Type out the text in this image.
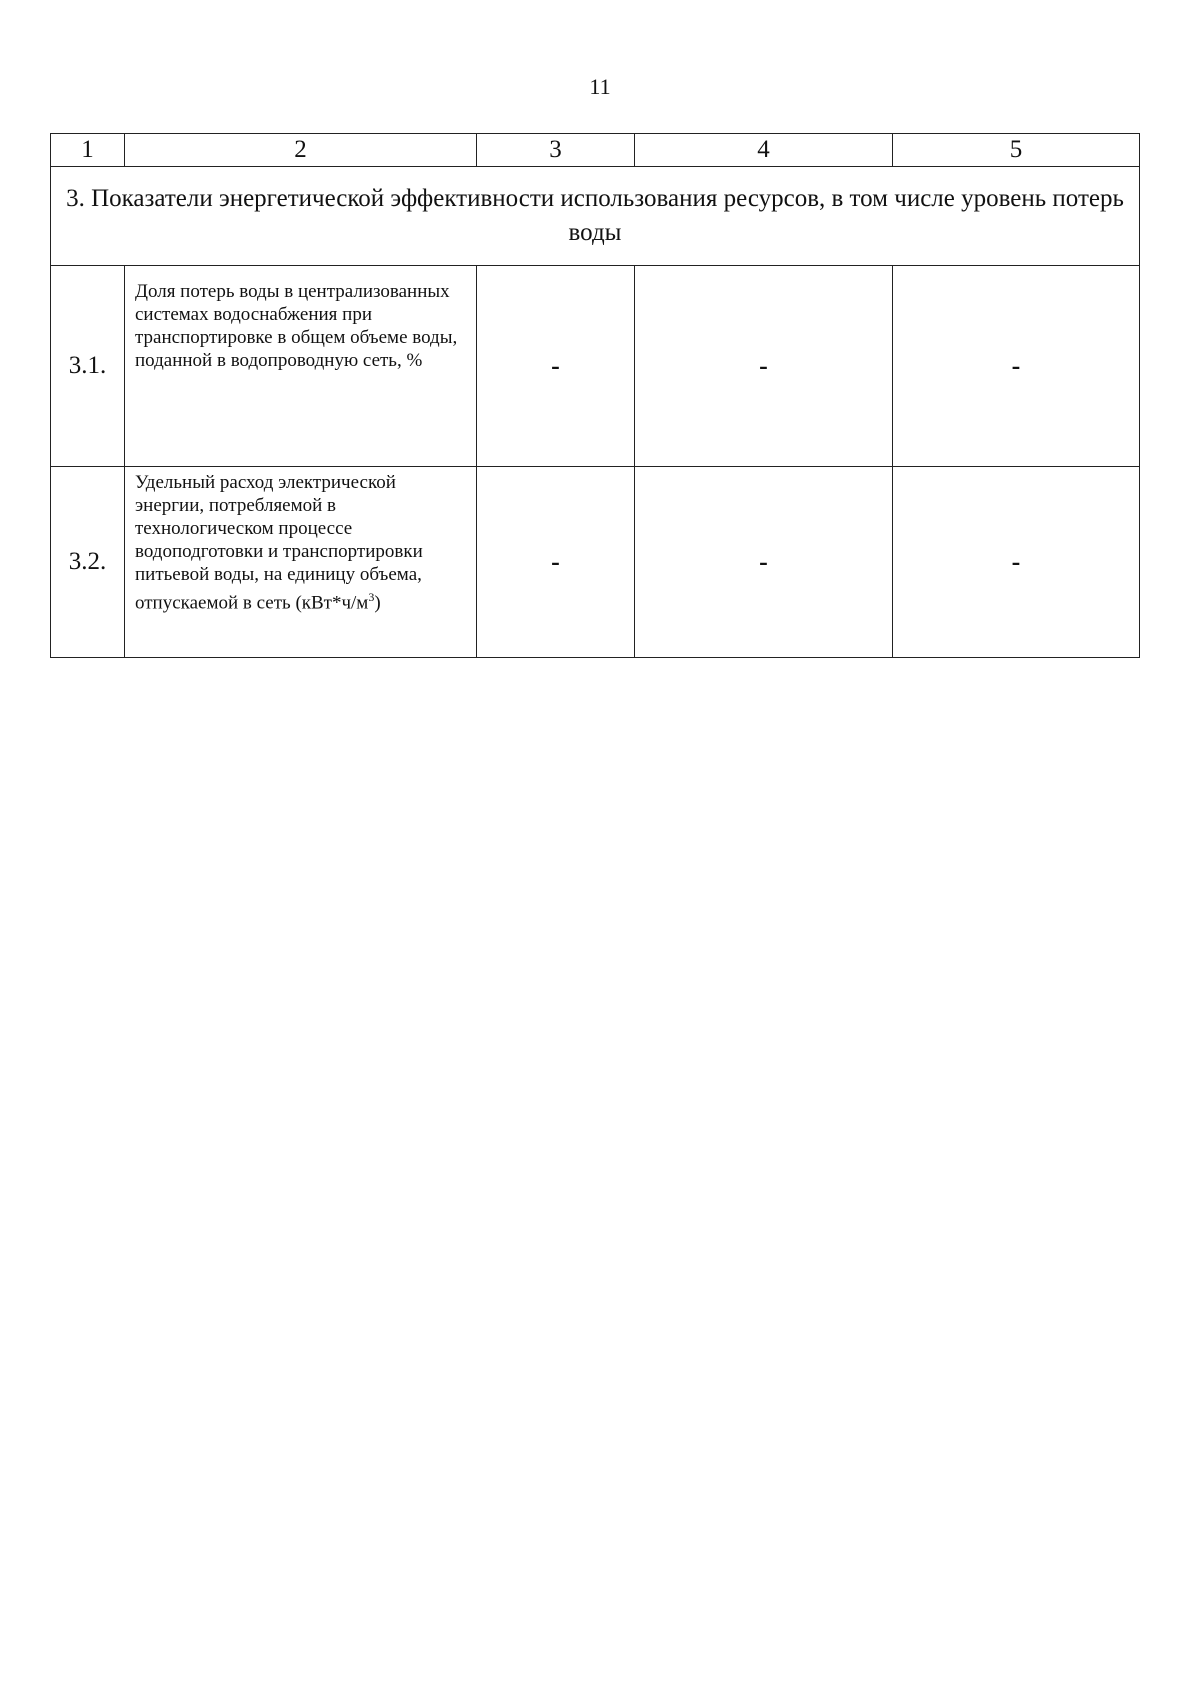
11
1	2	3	4	5
3. Показатели энергетической эффективности использования ресурсов, в том числе уровень потерь воды				
3.1.	Доля потерь воды в централизованных системах водоснабжения при транспортировке в общем объеме воды, поданной в водопроводную сеть, %	-	-	-
3.2.	Удельный расход электрической энергии, потребляемой в технологическом процессе водоподготовки и транспортировки питьевой воды, на единицу объема, отпускаемой в сеть $(кВт*ч/м^3)$	-	-	-
